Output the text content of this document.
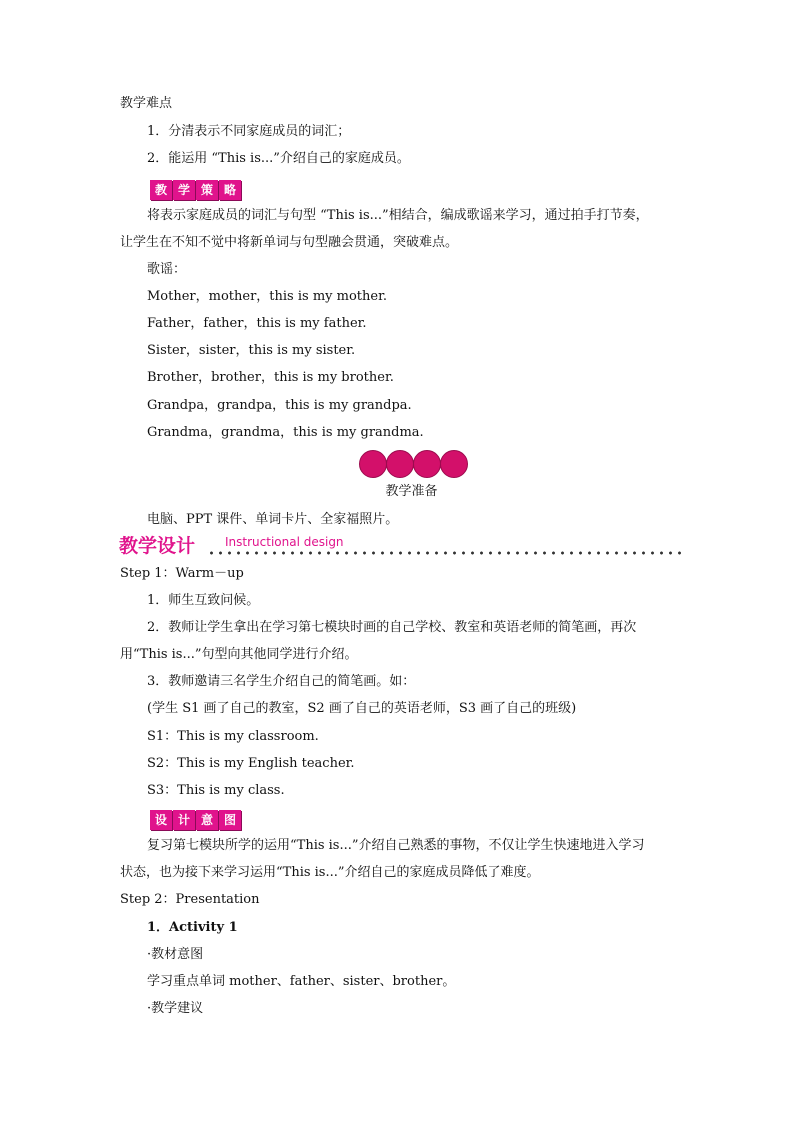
教学难点
1．分清表示不同家庭成员的词汇；
2．能运用 “This is...”介绍自己的家庭成员。
教 学 策 略
将表示家庭成员的词汇与句型 “This is...”相结合，编成歌谣来学习，通过拍手打节奏，
让学生在不知不觉中将新单词与句型融会贯通，突破难点。
歌谣：
Mother，mother，this is my mother.
Father，father，this is my father.
Sister，sister，this is my sister.
Brother，brother，this is my brother.
Grandpa，grandpa，this is my grandpa.
Grandma，grandma，this is my grandma.
教学准备
电脑、PPT 课件、单词卡片、全家福照片。
教学设计 Instructional design
Step 1：Warm－up
1．师生互致问候。
2．教师让学生拿出在学习第七模块时画的自己学校、教室和英语老师的简笔画，再次
用“This is...”句型向其他同学进行介绍。
3．教师邀请三名学生介绍自己的简笔画。如：
(学生 S1 画了自己的教室，S2 画了自己的英语老师，S3 画了自己的班级)
S1：This is my classroom.
S2：This is my English teacher.
S3：This is my class.
设 计 意 图
复习第七模块所学的运用“This is...”介绍自己熟悉的事物，不仅让学生快速地进入学习
状态，也为接下来学习运用“This is...”介绍自己的家庭成员降低了难度。
Step 2：Presentation
1．Activity 1
·教材意图
学习重点单词 mother、father、sister、brother。
·教学建议
